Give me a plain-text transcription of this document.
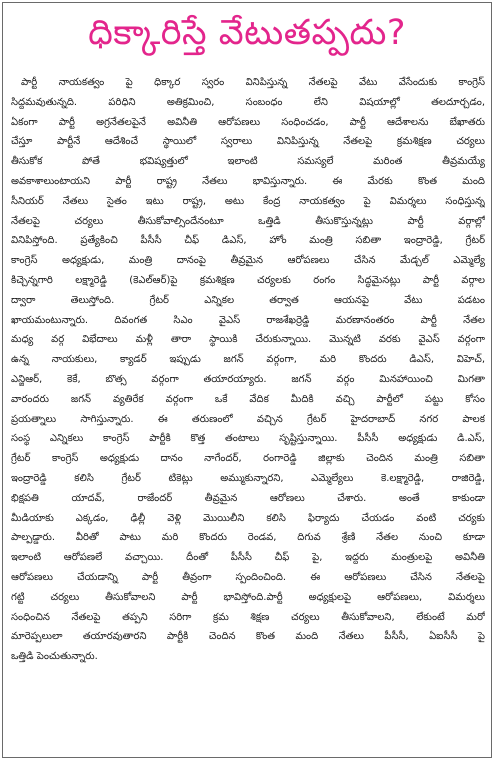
ధిక్కారిస్తే వేటుతప్పదు?
పార్టీ నాయకత్వం పై ధిక్కార స్వరం వినిపిస్తున్న నేతలపై వేటు వేసేందుకు కాంగ్రెస్
సిద్దమవుతున్నది. పరిధిని అతిక్రమించి, సంబంధం లేని విషయాల్లో తలదూర్చడం,
ఏకంగా పార్టీ అగ్రనేతలపైనే అవినీతి ఆరోపణలు సంధించడం, పార్టీ ఆదేశాలను బేఖాతరు
చేస్తూ పార్టీనే ఆదేశించే స్థాయిలో స్వరాలు వినిపిస్తున్న నేతలపై క్రమశిక్షణ చర్యలు
తీసుకోక పోతే భవిష్యత్తులో ఇలాంటి సమస్యలే మరింత తీవ్రమయ్యే
అవకాశాలుంటాయని పార్టీ రాష్ట్ర నేతలు భావిస్తున్నారు. ఈ మేరకు కొంత మంది
సీనియర్ నేతలు సైతం ఇటు రాష్ట్ర, అటు కేంద్ర నాయకత్వం పై విమర్శలు సంధిస్తున్న
నేతలపై చర్యలు తీసుకోవాల్సిందేనంటూ ఒత్తిడి తీసుకొస్తున్నట్లు పార్టీ వర్గాల్లో
వినిపిస్తోంది. ప్రత్యేకించి పీసీసీ చీఫ్ డిఎస్, హోం మంత్రి సబితా ఇంద్రారెడ్డి, గ్రేటర్
కాంగ్రెస్ అధ్యక్షుడు, మంత్రి దానంపై తీవ్రమైన ఆరోపణలు చేసిన మేడ్చల్ ఎమ్మెల్యే
కిచ్చెన్నగారి లక్ష్మారెడ్డి (కెఎల్ఆర్)పై క్రమశిక్షణ చర్యలకు రంగం సిద్ధమైనట్లు పార్టీ వర్గాల
ద్వారా తెలుస్తోంది. గ్రేటర్ ఎన్నికల తర్వాత ఆయనపై వేటు పడటం
ఖాయమంటున్నారు. దివంగత సిఎం వైఎస్ రాజశేఖర్రెడ్డి మరణానంతరం పార్టీ నేతల
మధ్య వర్గ విభేదాలు మళ్లీ తారా స్థాయికి చేరుకున్నాయి. మొన్నటి వరకు వైఎస్ వర్గంగా
ఉన్న నాయకులు, క్యాడర్ ఇప్పుడు జగన్ వర్గంగా, మరి కొందరు డిఎస్, విహెచ్,
ఎన్జిఆర్, కెకే, బొత్స వర్గంగా తయారయ్యారు. జగన్ వర్గం మినహాయించి మిగతా
వారందరు జగన్ వ్యతిరేక వర్గంగా ఒకే వేదిక మీదికి వచ్చి పార్టీలో పట్టు కోసం
ప్రయత్నాలు సాగిస్తున్నారు. ఈ తరుణంలో వచ్చిన గ్రేటర్ హైదరాబాద్ నగర పాలక
సంస్థ ఎన్నికలు కాంగ్రెస్ పార్టీకి కొత్త తంటాలు సృష్టిస్తున్నాయి. పీసీసీ అధ్యక్షుడు డి.ఎస్,
గ్రేటర్ కాంగ్రెస్ అధ్యక్షుడు దానం నాగేందర్, రంగారెడ్డి జిల్లాకు చెందిన మంత్రి సబితా
ఇంద్రారెడ్డి కలిసి గ్రేటర్ టికెట్లు అమ్ముకున్నారని, ఎమ్మెల్యేలు కె.లక్ష్మారెడ్డి, రాజిరెడ్డి,
భిక్షపతి యాదవ్, రాజేందర్ తీవ్రమైన ఆరోణలు చేశారు. అంతే కాకుండా
మీడియాకు ఎక్కడం, ఢిల్లీ వెళ్లి మొయిలీని కలిసి ఫిర్యాదు చేయడం వంటి చర్యకు
పాల్పడ్డారు. వీరితో పాటు మరి కొందరు రెండవ, దిగువ శ్రేణి నేతల నుంచి కూడా
ఇలాంటి ఆరోపణలే వచ్చాయి. దీంతో పీసీసీ చీఫ్ పై, ఇద్దరు మంత్రులపై అవినీతి
ఆరోపణలు చేయడాన్ని పార్టీ తీవ్రంగా స్పందించింది. ఈ ఆరోపణలు చేసిన నేతలపై
గట్టి చర్యలు తీసుకోవాలని పార్టీ భావిస్తోంది.పార్టీ అధ్యక్షులపై ఆరోపణలు, విమర్శలు
సంధించిన నేతలపై తప్పని సరిగా క్రమ శిక్షణ చర్యలు తీసుకోవాలని, లేకుంటే మరో
మారెప్పలులా తయారవుతారని పార్టీకి చెందిన కొంత మంది నేతలు పీసీసీ, ఏఐసీసీ పై
ఒత్తిడి పెంచుతున్నారు.
